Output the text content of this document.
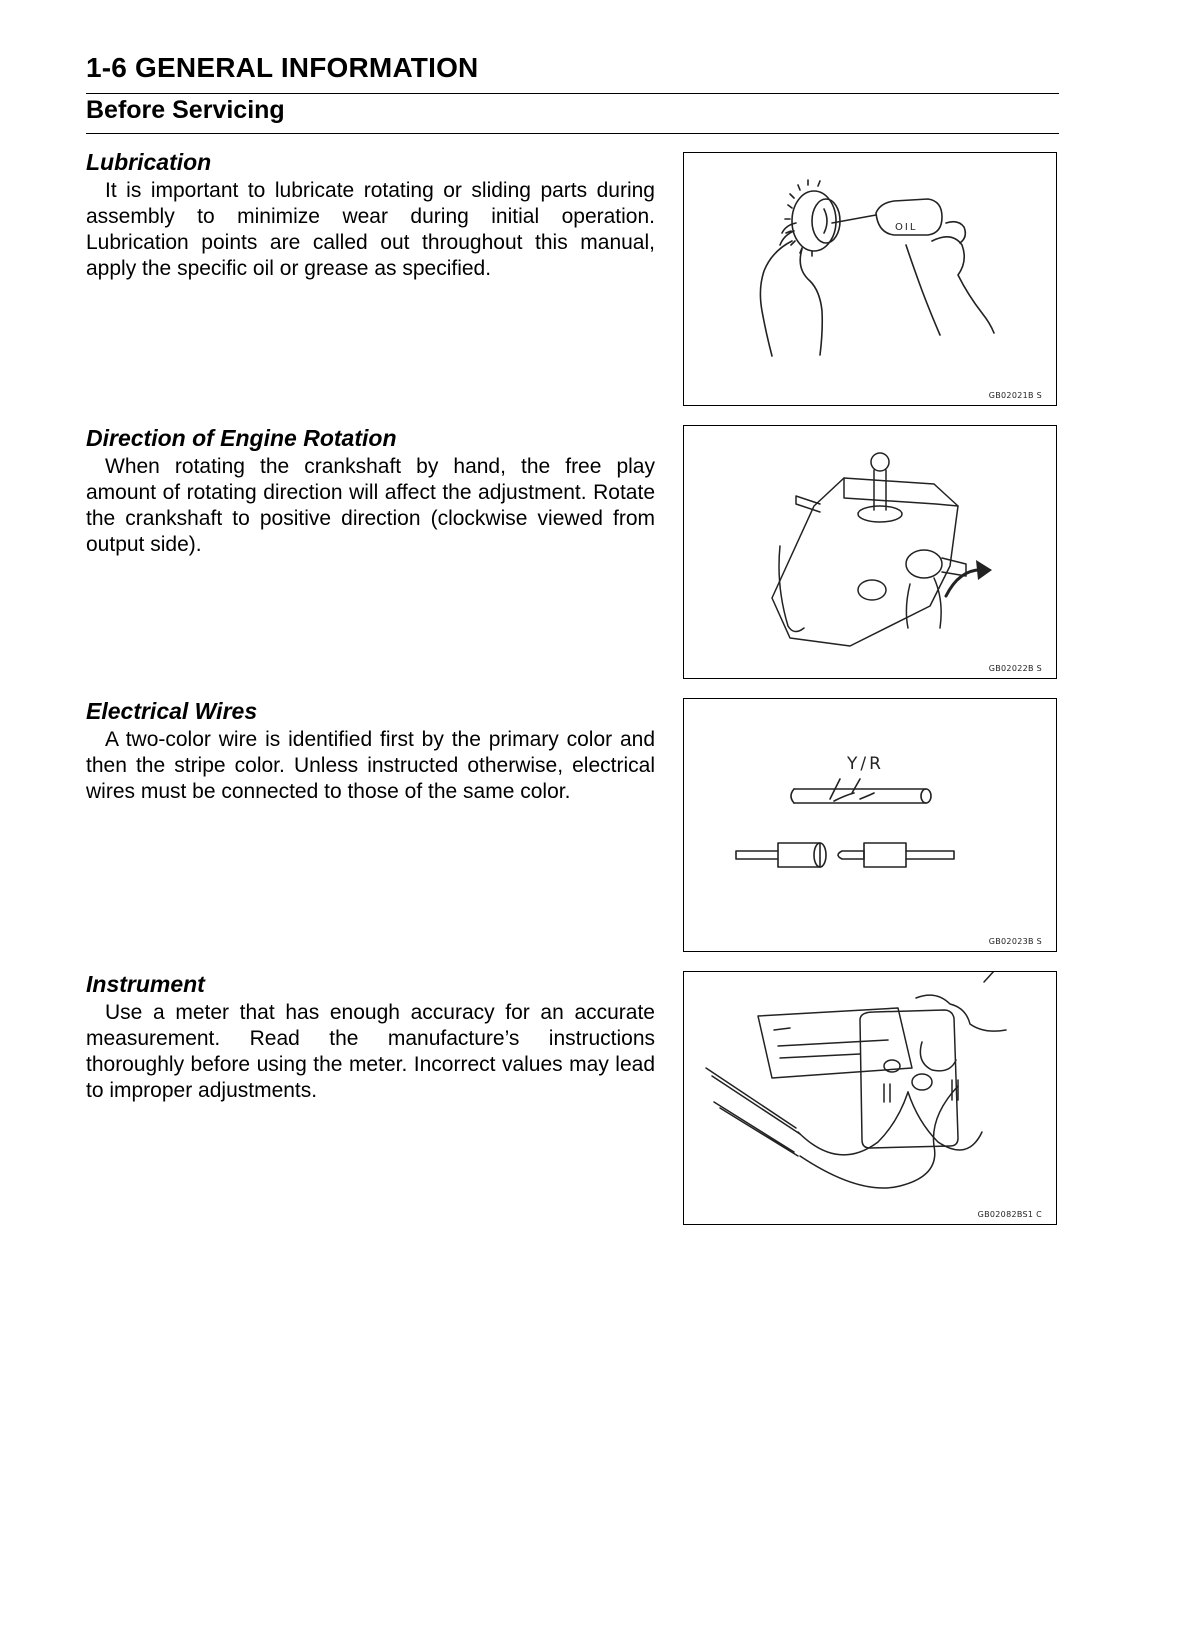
1-6 GENERAL INFORMATION
Before Servicing
Lubrication

It is important to lubricate rotating or sliding parts during assembly to minimize wear during initial operation. Lubrication points are called out throughout this manual, apply the specific oil or grease as specified.

OIL
GB02021B S
Direction of Engine Rotation

When rotating the crankshaft by hand, the free play amount of rotating direction will affect the adjustment. Rotate the crankshaft to positive direction (clockwise viewed from output side).

GB02022B S
Electrical Wires

A two-color wire is identified first by the primary color and then the stripe color. Unless instructed otherwise, electrical wires must be connected to those of the same color.

Y/R
GB02023B S
Instrument

Use a meter that has enough accuracy for an accurate measurement. Read the manufacture’s instructions thoroughly before using the meter. Incorrect values may lead to improper adjustments.

GB02082BS1 C
